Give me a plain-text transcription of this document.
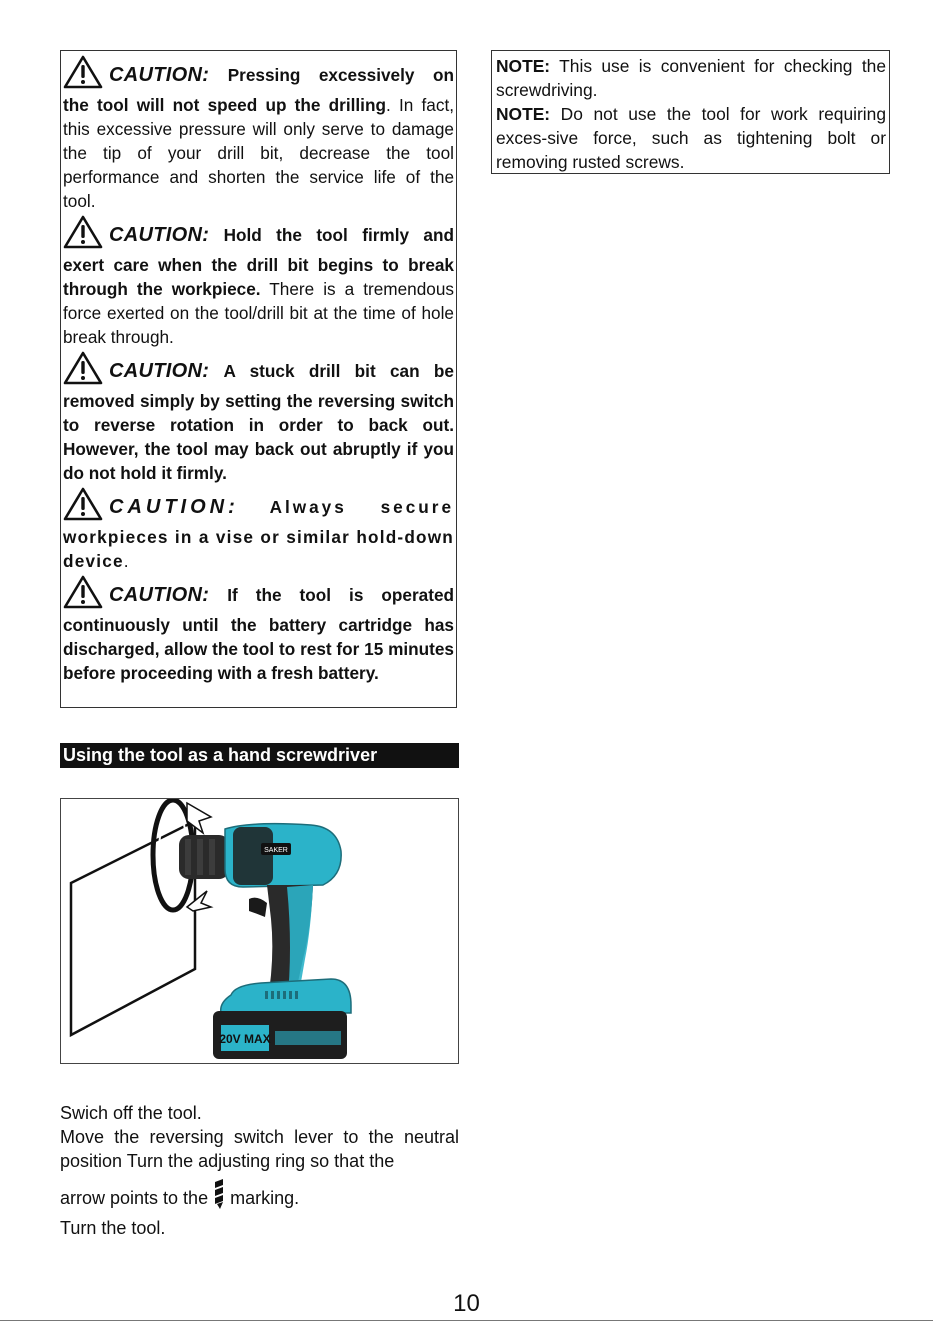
CAUTION: Pressing excessively on

the tool will not speed up the drilling. In fact, this excessive pressure will only serve to damage the tip of your drill bit, decrease the tool performance and shorten the service life of the tool.

CAUTION: Hold the tool firmly and

exert care when the drill bit begins to break through the workpiece. There is a tremendous force exerted on the tool/drill bit at the time of hole break through.

CAUTION: A stuck drill bit can be

removed simply by setting the reversing switch to reverse rotation in order to back out. However, the tool may back out abruptly if you do not hold it firmly.

CAUTION: Always secure

workpieces in a vise or similar hold-down device.

CAUTION: If the tool is operated

continuously until the battery cartridge has discharged, allow the tool to rest for 15 minutes before proceeding with a fresh battery.

Using the tool as a hand screwdriver
SAKER
20V MAX

Swich off the tool.

Move the reversing switch lever to the neutral position Turn the adjusting ring so that the

arrow points to the marking.

Turn the tool.

NOTE: This use is convenient for checking the screwdriving.

NOTE: Do not use the tool for work requiring exces-sive force, such as tightening bolt or removing rusted screws.

10
